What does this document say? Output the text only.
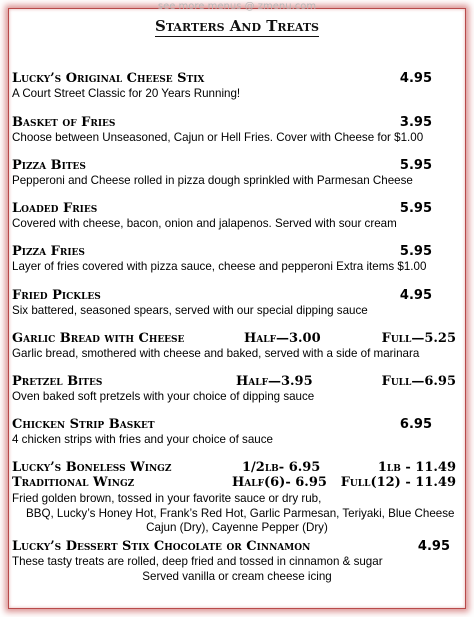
see more menus @ zmenu.com
Starters And Treats
Lucky’s Original Cheese Stix	4.95
A Court Street Classic for 20 Years Running!
Basket of Fries	3.95
Choose between Unseasoned, Cajun or Hell Fries. Cover with Cheese for $1.00
Pizza Bites	5.95
Pepperoni and Cheese rolled in pizza dough sprinkled with Parmesan Cheese
Loaded Fries	5.95
Covered with cheese, bacon, onion and jalapenos. Served with sour cream
Pizza Fries	5.95
Layer of fries covered with pizza sauce, cheese and pepperoni Extra items $1.00
Fried Pickles	4.95
Six battered, seasoned spears, served with our special dipping sauce
Garlic Bread with Cheese	Half—3.00	Full—5.25
Garlic bread, smothered with cheese and baked, served with a side of marinara
Pretzel Bites	Half—3.95	Full—6.95
Oven baked soft pretzels with your choice of dipping sauce
Chicken Strip Basket	6.95
4 chicken strips with fries and your choice of sauce
Lucky’s Boneless Wingz	1/2lb- 6.95	1lb - 11.49
Traditional Wingz	Half(6)- 6.95 Full(12) - 11.49
Fried golden brown, tossed in your favorite sauce or dry rub,
BBQ, Lucky’s Honey Hot, Frank’s Red Hot, Garlic Parmesan, Teriyaki, Blue Cheese
Cajun (Dry), Cayenne Pepper (Dry)
Lucky’s Dessert Stix Chocolate or Cinnamon	4.95
These tasty treats are rolled, deep fried and tossed in cinnamon & sugar
Served vanilla or cream cheese icing
